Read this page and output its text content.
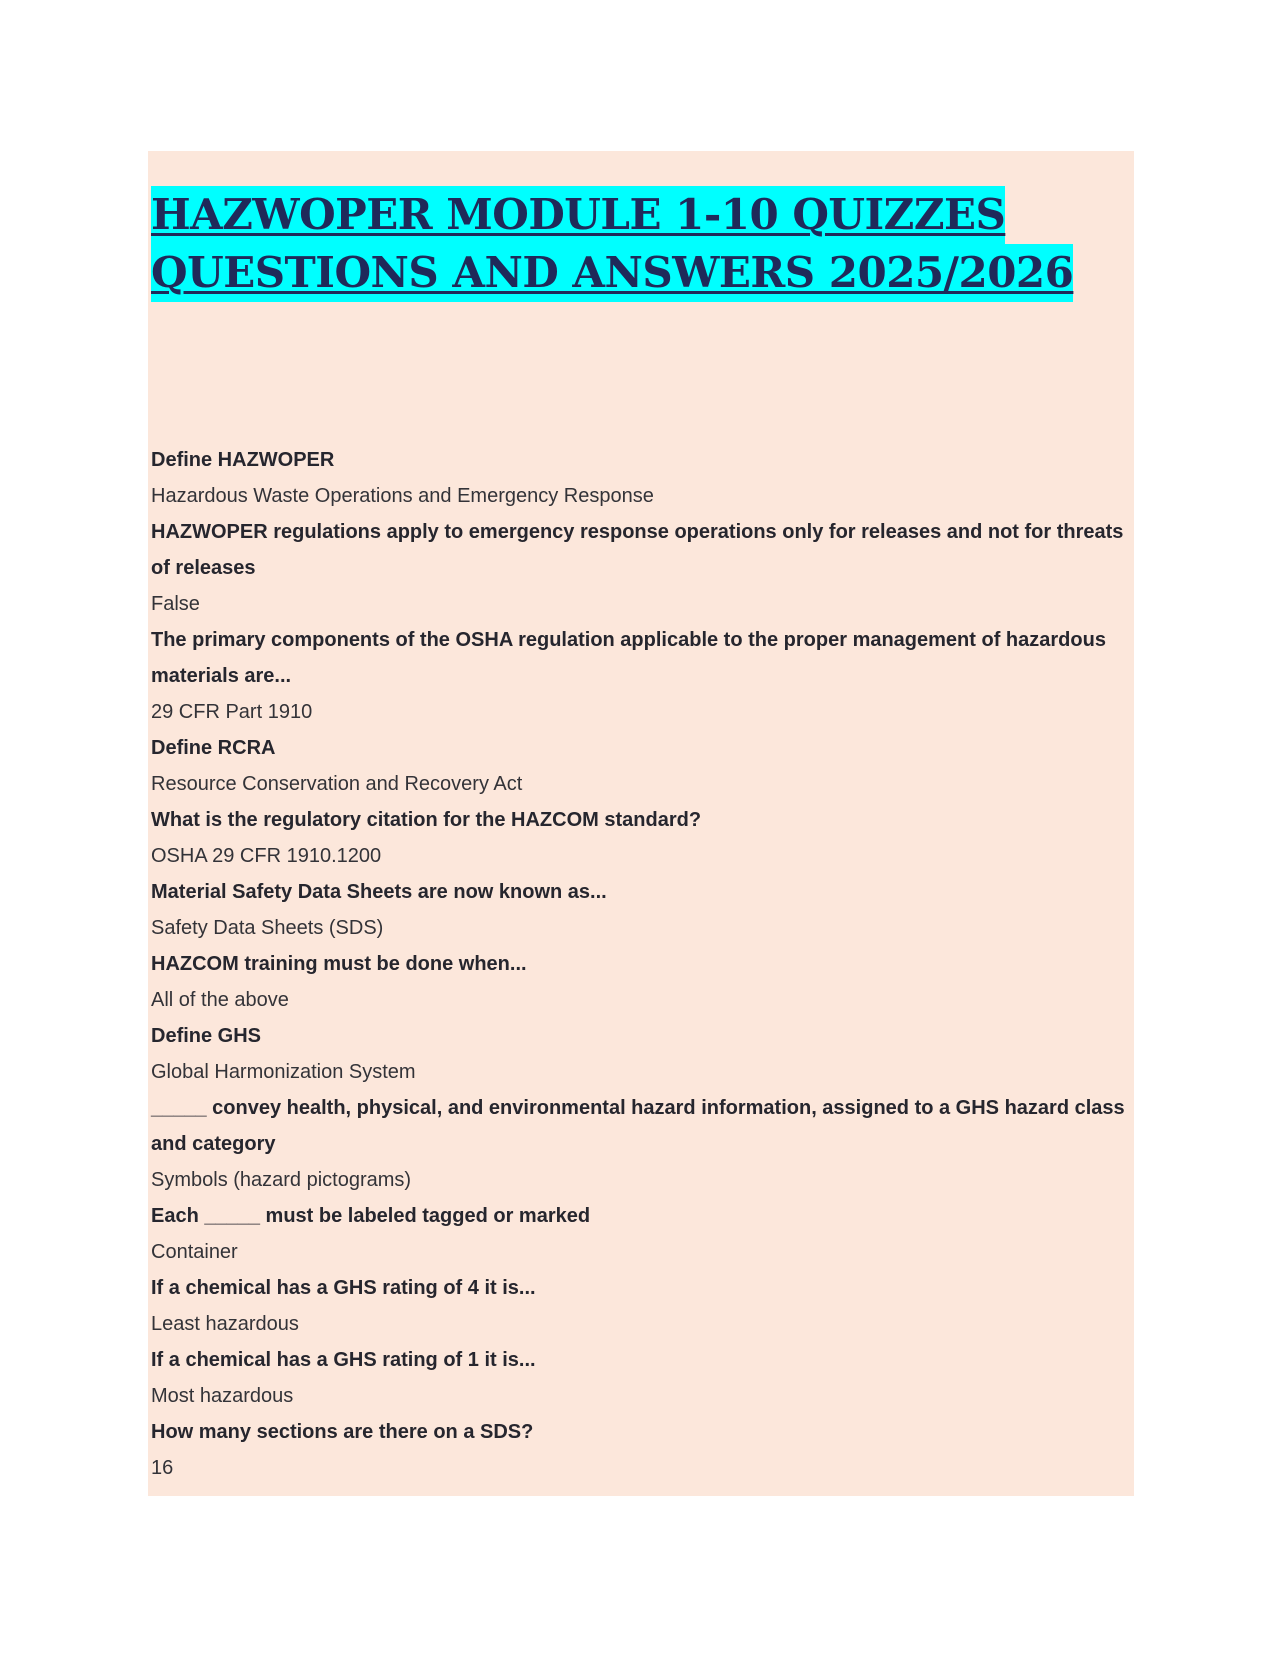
HAZWOPER MODULE 1-10 QUIZZES
QUESTIONS AND ANSWERS 2025/2026
Define HAZWOPER
Hazardous Waste Operations and Emergency Response
HAZWOPER regulations apply to emergency response operations only for releases and not for threats of releases
False
The primary components of the OSHA regulation applicable to the proper management of hazardous materials are...
29 CFR Part 1910
Define RCRA
Resource Conservation and Recovery Act
What is the regulatory citation for the HAZCOM standard?
OSHA 29 CFR 1910.1200
Material Safety Data Sheets are now known as...
Safety Data Sheets (SDS)
HAZCOM training must be done when...
All of the above
Define GHS
Global Harmonization System
_____ convey health, physical, and environmental hazard information, assigned to a GHS hazard class and category
Symbols (hazard pictograms)
Each _____ must be labeled tagged or marked
Container
If a chemical has a GHS rating of 4 it is...
Least hazardous
If a chemical has a GHS rating of 1 it is...
Most hazardous
How many sections are there on a SDS?
16
